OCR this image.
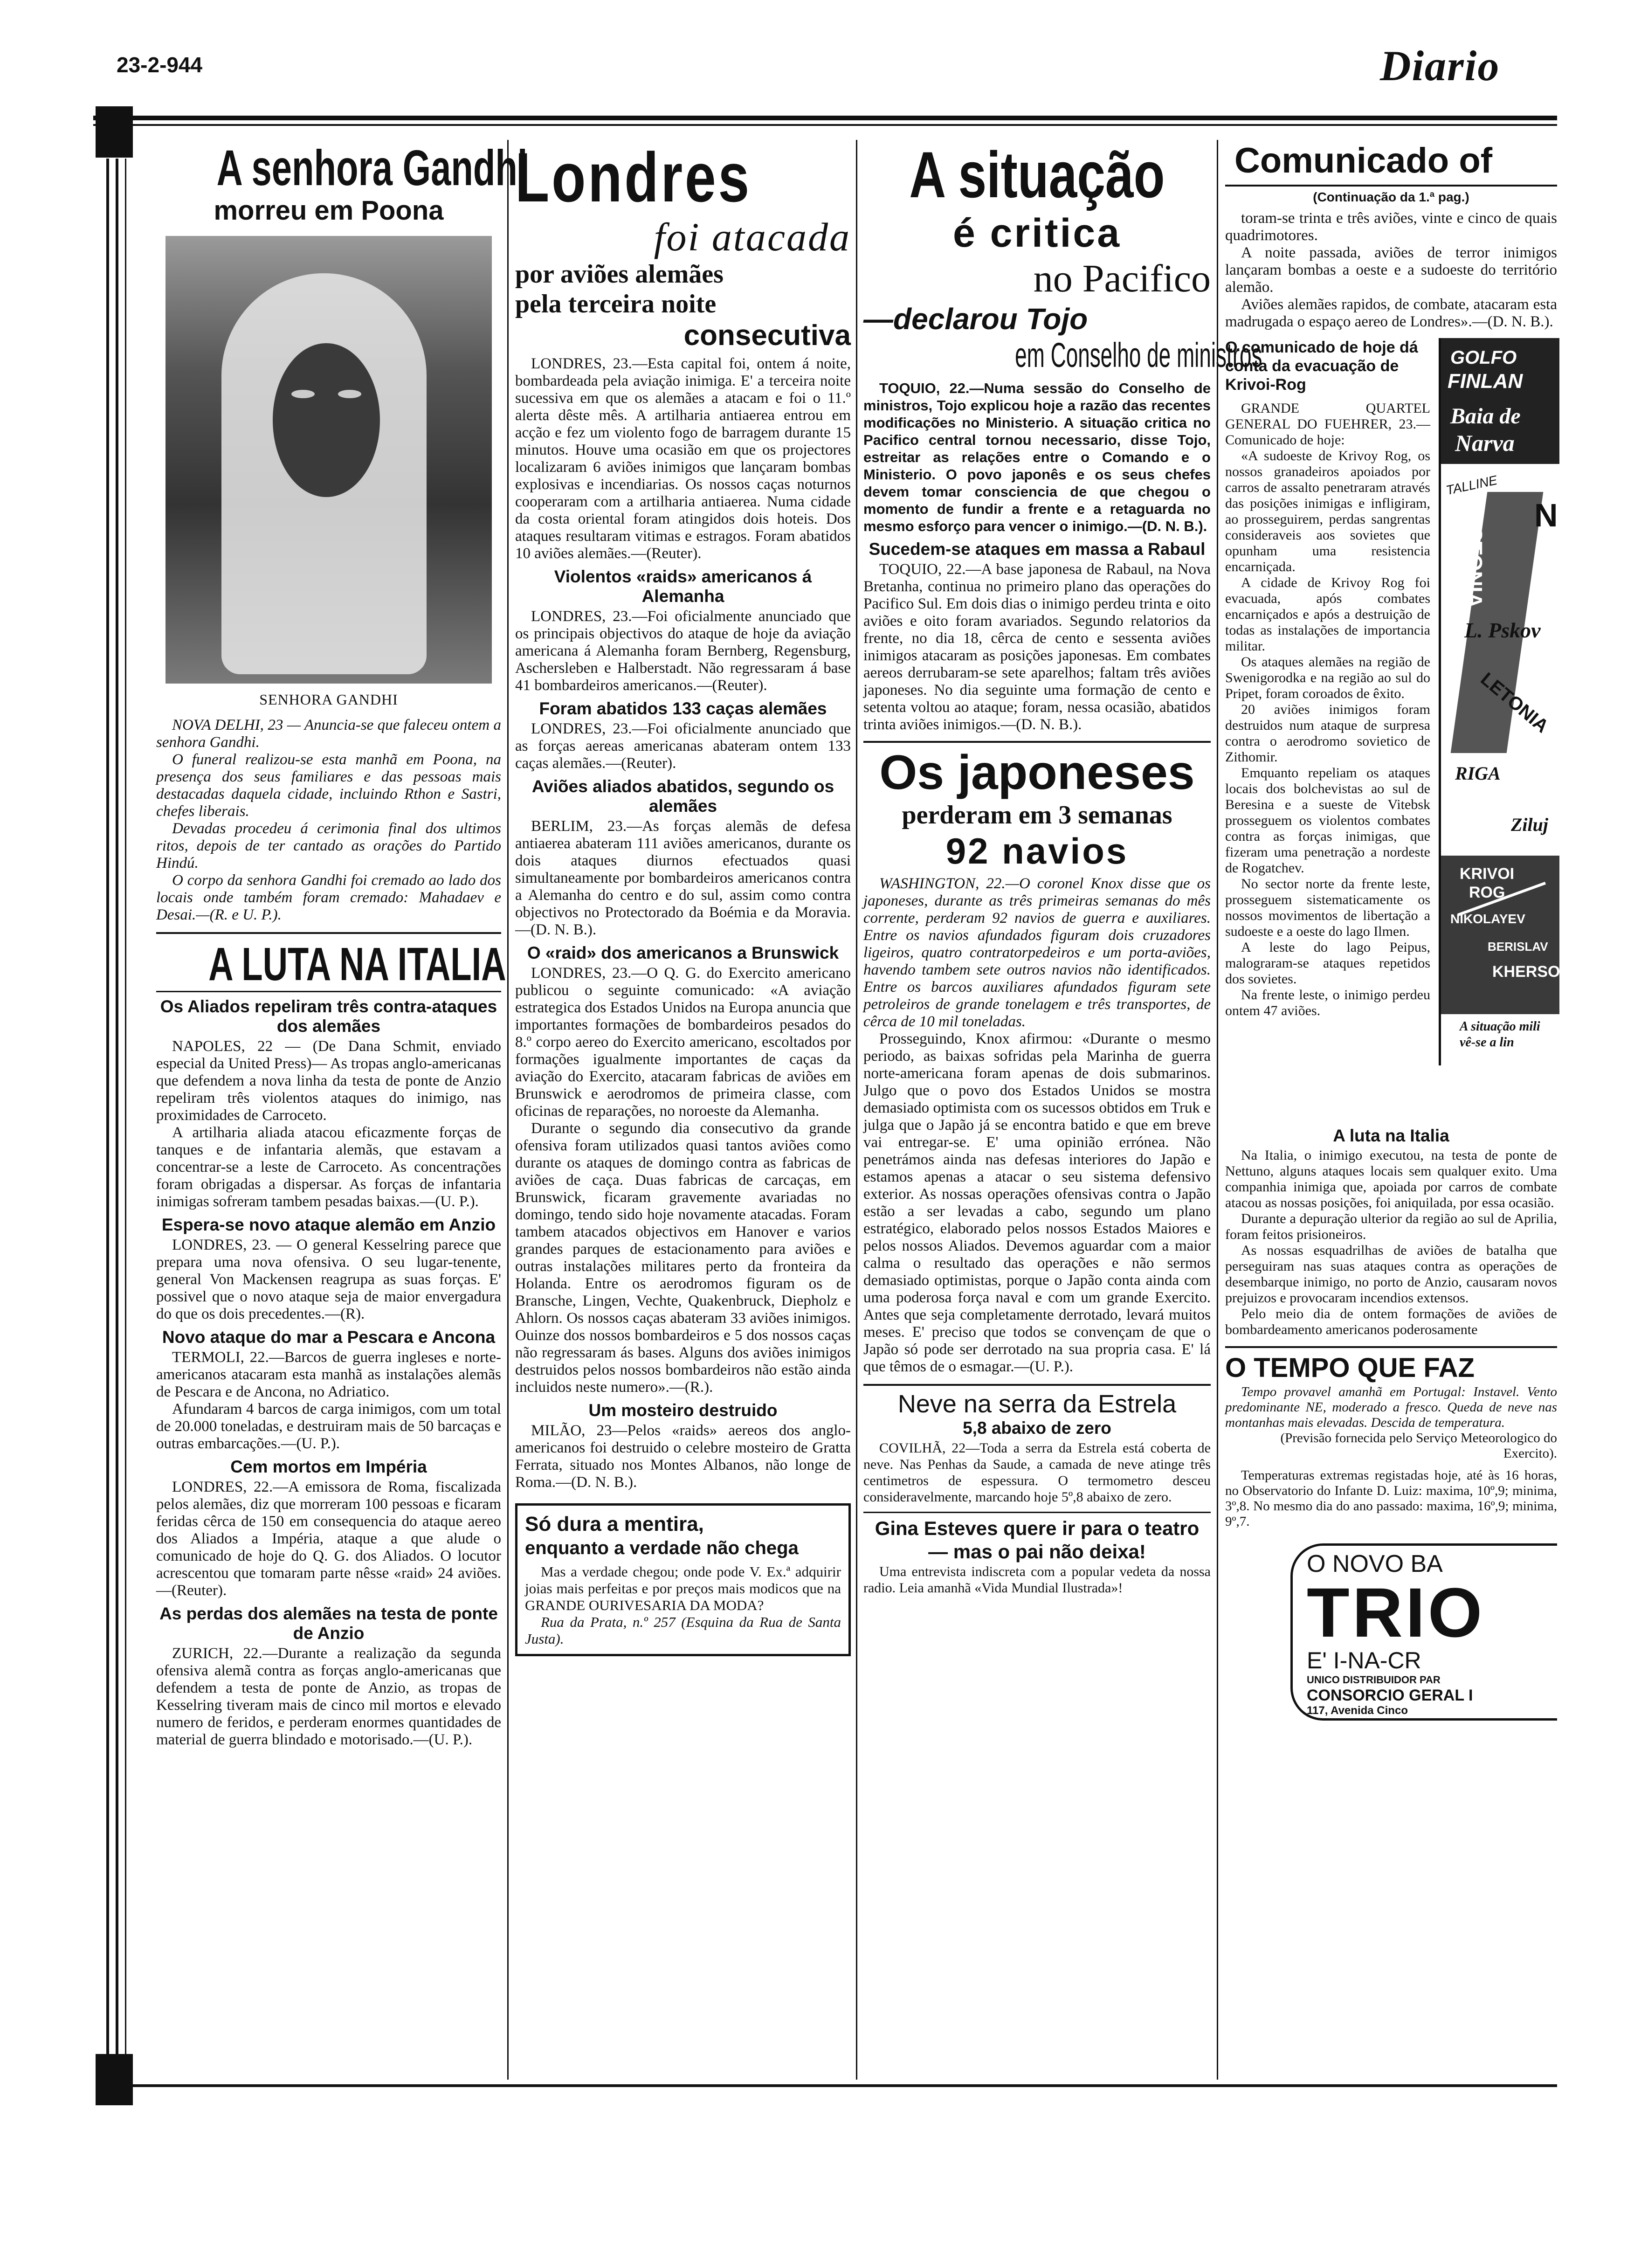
23-2-944	Diario
A senhora Gandhi
morreu em Poona
SENHORA GANDHI

NOVA DELHI, 23 — Anuncia-se que faleceu ontem a senhora Gandhi.

O funeral realizou-se esta manhã em Poona, na presença dos seus familiares e das pessoas mais destacadas daquela cidade, incluindo Rthon e Sastri, chefes liberais.

Devadas procedeu á cerimonia final dos ultimos ritos, depois de ter cantado as orações do Partido Hindú.

O corpo da senhora Gandhi foi cremado ao lado dos locais onde também foram cremado: Mahadaev e Desai.—(R. e U. P.).

A LUTA NA ITALIA
Os Aliados repeliram três contra-ataques dos alemães

NAPOLES, 22 — (De Dana Schmit, enviado especial da United Press)— As tropas anglo-americanas que defendem a nova linha da testa de ponte de Anzio repeliram três violentos ataques do inimigo, nas proximidades de Carroceto.

A artilharia aliada atacou eficazmente forças de tanques e de infantaria alemãs, que estavam a concentrar-se a leste de Carroceto. As concentrações foram obrigadas a dispersar. As forças de infantaria inimigas sofreram tambem pesadas baixas.—(U. P.).

Espera-se novo ataque alemão em Anzio

LONDRES, 23. — O general Kesselring parece que prepara uma nova ofensiva. O seu lugar-tenente, general Von Mackensen reagrupa as suas forças. E' possivel que o novo ataque seja de maior envergadura do que os dois precedentes.—(R).

Novo ataque do mar a Pescara e Ancona

TERMOLI, 22.—Barcos de guerra ingleses e norte-americanos atacaram esta manhã as instalações alemãs de Pescara e de Ancona, no Adriatico.

Afundaram 4 barcos de carga inimigos, com um total de 20.000 toneladas, e destruiram mais de 50 barcaças e outras embarcações.—(U. P.).

Cem mortos em Impéria

LONDRES, 22.—A emissora de Roma, fiscalizada pelos alemães, diz que morreram 100 pessoas e ficaram feridas cêrca de 150 em consequencia do ataque aereo dos Aliados a Impéria, ataque a que alude o comunicado de hoje do Q. G. dos Aliados. O locutor acrescentou que tomaram parte nêsse «raid» 24 aviões.—(Reuter).

As perdas dos alemães na testa de ponte de Anzio

ZURICH, 22.—Durante a realização da segunda ofensiva alemã contra as forças anglo-americanas que defendem a testa de ponte de Anzio, as tropas de Kesselring tiveram mais de cinco mil mortos e elevado numero de feridos, e perderam enormes quantidades de material de guerra blindado e motorisado.—(U. P.).

Londres
foi atacada
por aviões alemães
pela terceira noite
consecutiva

LONDRES, 23.—Esta capital foi, ontem á noite, bombardeada pela aviação inimiga. E' a terceira noite sucessiva em que os alemães a atacam e foi o 11.º alerta dêste mês. A artilharia antiaerea entrou em acção e fez um violento fogo de barragem durante 15 minutos. Houve uma ocasião em que os projectores localizaram 6 aviões inimigos que lançaram bombas explosivas e incendiarias. Os nossos caças noturnos cooperaram com a artilharia antiaerea. Numa cidade da costa oriental foram atingidos dois hoteis. Dos ataques resultaram vitimas e estragos. Foram abatidos 10 aviões alemães.—(Reuter).

Violentos «raids» americanos á Alemanha

LONDRES, 23.—Foi oficialmente anunciado que os principais objectivos do ataque de hoje da aviação americana á Alemanha foram Bernberg, Regensburg, Aschersleben e Halberstadt. Não regressaram á base 41 bombardeiros americanos.—(Reuter).

Foram abatidos 133 caças alemães

LONDRES, 23.—Foi oficialmente anunciado que as forças aereas americanas abateram ontem 133 caças alemães.—(Reuter).

Aviões aliados abatidos, segundo os alemães

BERLIM, 23.—As forças alemãs de defesa antiaerea abateram 111 aviões americanos, durante os dois ataques diurnos efectuados quasi simultaneamente por bombardeiros americanos contra a Alemanha do centro e do sul, assim como contra objectivos no Protectorado da Boémia e da Moravia.—(D. N. B.).

O «raid» dos americanos a Brunswick

LONDRES, 23.—O Q. G. do Exercito americano publicou o seguinte comunicado: «A aviação estrategica dos Estados Unidos na Europa anuncia que importantes formações de bombardeiros pesados do 8.º corpo aereo do Exercito americano, escoltados por formações igualmente importantes de caças da aviação do Exercito, atacaram fabricas de aviões em Brunswick e aerodromos de primeira classe, com oficinas de reparações, no noroeste da Alemanha.

Durante o segundo dia consecutivo da grande ofensiva foram utilizados quasi tantos aviões como durante os ataques de domingo contra as fabricas de aviões de caça. Duas fabricas de carcaças, em Brunswick, ficaram gravemente avariadas no domingo, tendo sido hoje novamente atacadas. Foram tambem atacados objectivos em Hanover e varios grandes parques de estacionamento para aviões e outras instalações militares perto da fronteira da Holanda. Entre os aerodromos figuram os de Bransche, Lingen, Vechte, Quakenbruck, Diepholz e Ahlorn. Os nossos caças abateram 33 aviões inimigos. Ouinze dos nossos bombardeiros e 5 dos nossos caças não regressaram ás bases. Alguns dos aviões inimigos destruidos pelos nossos bombardeiros não estão ainda incluidos neste numero».—(R.).

Um mosteiro destruido

MILÃO, 23—Pelos «raids» aereos dos anglo-americanos foi destruido o celebre mosteiro de Gratta Ferrata, situado nos Montes Albanos, não longe de Roma.—(D. N. B.).

Só dura a mentira,
enquanto a verdade não chega

Mas a verdade chegou; onde pode V. Ex.ª adquirir joias mais perfeitas e por preços mais modicos que na GRANDE OURIVESARIA DA MODA?

Rua da Prata, n.º 257 (Esquina da Rua de Santa Justa).

A situação
é critica
no Pacifico
—declarou Tojo
em Conselho de ministros

TOQUIO, 22.—Numa sessão do Conselho de ministros, Tojo explicou hoje a razão das recentes modificações no Ministerio. A situação critica no Pacifico central tornou necessario, disse Tojo, estreitar as relações entre o Comando e o Ministerio. O povo japonês e os seus chefes devem tomar consciencia de que chegou o momento de fundir a frente e a retaguarda no mesmo esforço para vencer o inimigo.—(D. N. B.).

Sucedem-se ataques em massa a Rabaul

TOQUIO, 22.—A base japonesa de Rabaul, na Nova Bretanha, continua no primeiro plano das operações do Pacifico Sul. Em dois dias o inimigo perdeu trinta e oito aviões e oito foram avariados. Segundo relatorios da frente, no dia 18, cêrca de cento e sessenta aviões inimigos atacaram as posições japonesas. Em combates aereos derrubaram-se sete aparelhos; faltam três aviões japoneses. No dia seguinte uma formação de cento e setenta voltou ao ataque; foram, nessa ocasião, abatidos trinta aviões inimigos.—(D. N. B.).

Os japoneses
perderam em 3 semanas
92 navios

WASHINGTON, 22.—O coronel Knox disse que os japoneses, durante as três primeiras semanas do mês corrente, perderam 92 navios de guerra e auxiliares. Entre os navios afundados figuram dois cruzadores ligeiros, quatro contratorpedeiros e um porta-aviões, havendo tambem sete outros navios não identificados. Entre os barcos auxiliares afundados figuram sete petroleiros de grande tonelagem e três transportes, de cêrca de 10 mil toneladas.

Prosseguindo, Knox afirmou: «Durante o mesmo periodo, as baixas sofridas pela Marinha de guerra norte-americana foram apenas de dois submarinos. Julgo que o povo dos Estados Unidos se mostra demasiado optimista com os sucessos obtidos em Truk e julga que o Japão já se encontra batido e que em breve vai entregar-se. E' uma opinião errónea. Não penetrámos ainda nas defesas interiores do Japão e estamos apenas a atacar o seu sistema defensivo exterior. As nossas operações ofensivas contra o Japão estão a ser levadas a cabo, segundo um plano estratégico, elaborado pelos nossos Estados Maiores e pelos nossos Aliados. Devemos aguardar com a maior calma o resultado das operações e não sermos demasiado optimistas, porque o Japão conta ainda com uma poderosa força naval e com um grande Exercito. Antes que seja completamente derrotado, levará muitos meses. E' preciso que todos se convençam de que o Japão só pode ser derrotado na sua propria casa. E' lá que têmos de o esmagar.—(U. P.).

Neve na serra da Estrela
5,8 abaixo de zero

COVILHÃ, 22—Toda a serra da Estrela está coberta de neve. Nas Penhas da Saude, a camada de neve atinge três centimetros de espessura. O termometro desceu consideravelmente, marcando hoje 5º,8 abaixo de zero.

Gina Esteves quere ir para o teatro
— mas o pai não deixa!

Uma entrevista indiscreta com a popular vedeta da nossa radio. Leia amanhã «Vida Mundial Ilustrada»!

Comunicado of
(Continuação da 1.ª pag.)

toram-se trinta e três aviões, vinte e cinco de quais quadrimotores.

A noite passada, aviões de terror inimigos lançaram bombas a oeste e a sudoeste do território alemão.

Aviões alemães rapidos, de combate, atacaram esta madrugada o espaço aereo de Londres».—(D. N. B.).

O comunicado de hoje dá conta da evacuação de Krivoi-Rog

GRANDE QUARTEL GENERAL DO FUEHRER, 23.—Comunicado de hoje:

«A sudoeste de Krivoy Rog, os nossos granadeiros apoiados por carros de assalto penetraram através das posições inimigas e infligiram, ao prosseguirem, perdas sangrentas consideraveis aos sovietes que opunham uma resistencia encarniçada.

A cidade de Krivoy Rog foi evacuada, após combates encarniçados e após a destruição de todas as instalações de importancia militar.

Os ataques alemães na região de Swenigorodka e na região ao sul do Pripet, foram coroados de êxito.

20 aviões inimigos foram destruidos num ataque de surpresa contra o aerodromo sovietico de Zithomir.

Emquanto repeliam os ataques locais dos bolchevistas ao sul de Beresina e a sueste de Vitebsk prosseguem os violentos combates contra as forças inimigas, que fizeram uma penetração a nordeste de Rogatchev.

No sector norte da frente leste, prosseguem sistematicamente os nossos movimentos de libertação a sudoeste e a oeste do lago Ilmen.

A leste do lago Peipus, malograram-se ataques repetidos dos sovietes.

Na frente leste, o inimigo perdeu ontem 47 aviões.

GOLFO
FINLAN
Baia de
Narva
TALLINE
ESTONIA N
L. Pskov
LETONIA
RIGA
Ziluj
KRIVOI
ROG
NIKOLAYEV
BERISLAV
KHERSO
A situação mili vê-se a lin
A luta na Italia

Na Italia, o inimigo executou, na testa de ponte de Nettuno, alguns ataques locais sem qualquer exito. Uma companhia inimiga que, apoiada por carros de combate atacou as nossas posições, foi aniquilada, por essa ocasião.

Durante a depuração ulterior da região ao sul de Aprilia, foram feitos prisioneiros.

As nossas esquadrilhas de aviões de batalha que perseguiram nas suas ataques contra as operações de desembarque inimigo, no porto de Anzio, causaram novos prejuizos e provocaram incendios extensos.

Pelo meio dia de ontem formações de aviões de bombardeamento americanos poderosamente

O TEMPO QUE FAZ

Tempo provavel amanhã em Portugal: Instavel. Vento predominante NE, moderado a fresco. Queda de neve nas montanhas mais elevadas. Descida de temperatura.

(Previsão fornecida pelo Serviço Meteorologico do Exercito).

Temperaturas extremas registadas hoje, até às 16 horas, no Observatorio do Infante D. Luiz: maxima, 10º,9; minima, 3º,8. No mesmo dia do ano passado: maxima, 16º,9; minima, 9º,7.

O NOVO BA
TRIO
E' I-NA-CR
UNICO DISTRIBUIDOR PAR
CONSORCIO GERAL I
117, Avenida Cinco
